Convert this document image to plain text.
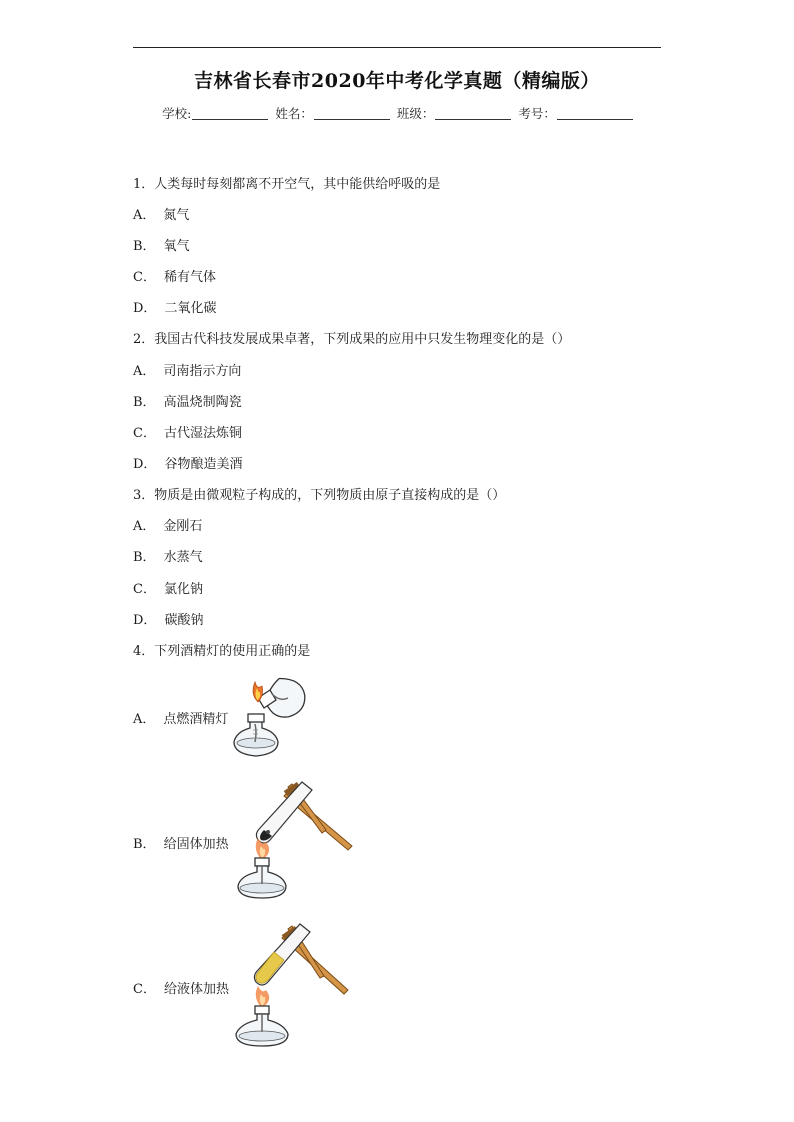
吉林省长春市2020年中考化学真题（精编版）
学校:	姓名：	班级：	考号：
1．人类每时每刻都离不开空气，其中能供给呼吸的是
A． 氮气
B． 氧气
C． 稀有气体
D． 二氧化碳
2．我国古代科技发展成果卓著，下列成果的应用中只发生物理变化的是（）
A． 司南指示方向
B． 高温烧制陶瓷
C． 古代湿法炼铜
D． 谷物酿造美酒
3．物质是由微观粒子构成的，下列物质由原子直接构成的是（）
A． 金刚石
B． 水蒸气
C． 氯化钠
D． 碳酸钠
4．下列酒精灯的使用正确的是
A． 点燃酒精灯
B． 给固体加热
C． 给液体加热
